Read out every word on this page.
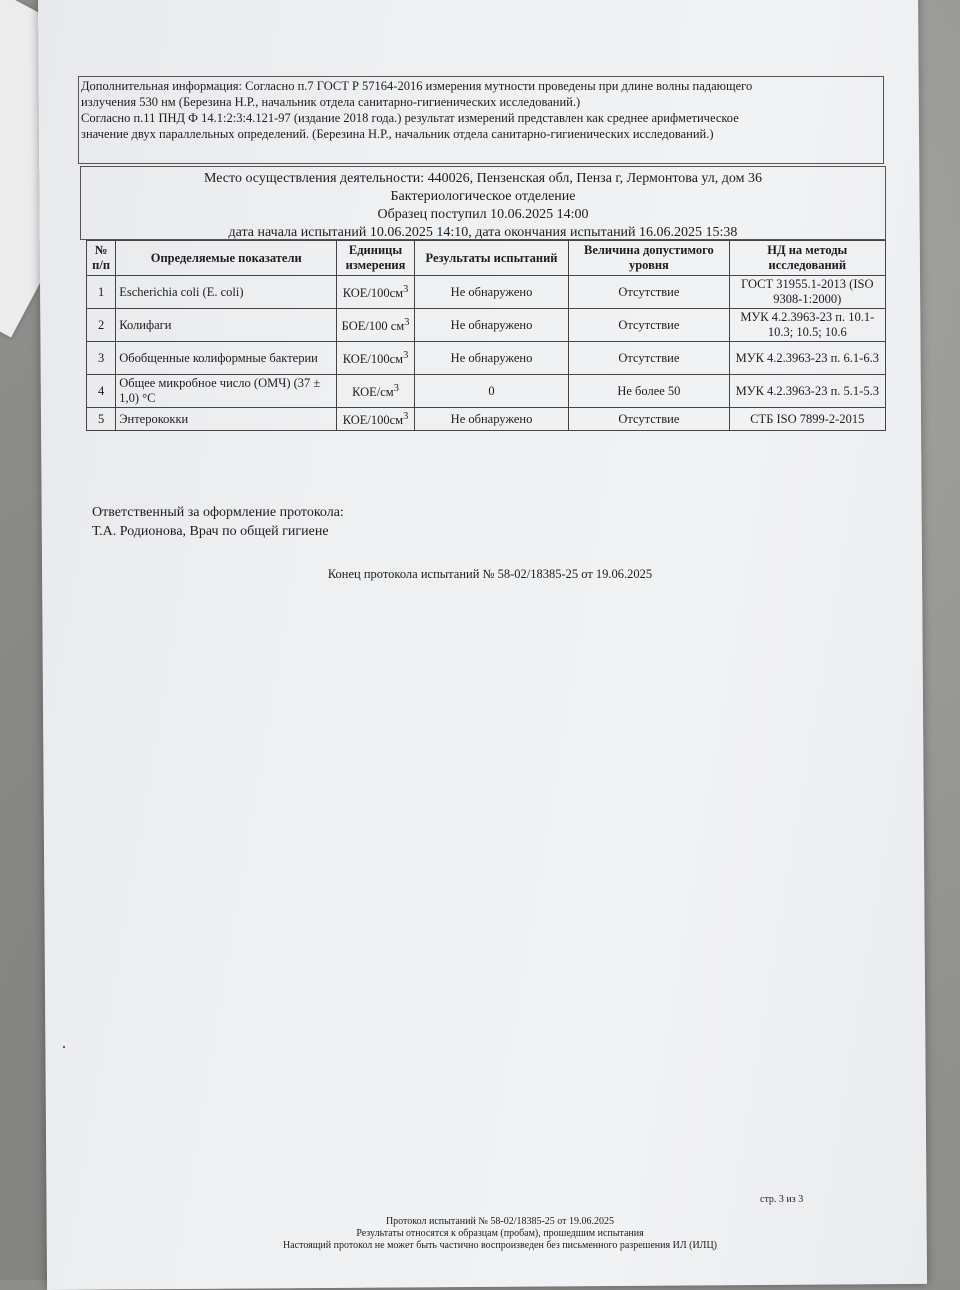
Дополнительная информация: Согласно п.7 ГОСТ Р 57164-2016 измерения мутности проведены при длине волны падающего

излучения 530 нм (Березина Н.Р., начальник отдела санитарно-гигиенических исследований.)

Согласно п.11 ПНД Ф 14.1:2:3:4.121-97 (издание 2018 года.) результат измерений представлен как среднее арифметическое

значение двух параллельных определений. (Березина Н.Р., начальник отдела санитарно-гигиенических исследований.)

Место осуществления деятельности: 440026, Пензенская обл, Пенза г, Лермонтова ул, дом 36
Бактериологическое отделение
Образец поступил 10.06.2025 14:00
дата начала испытаний 10.06.2025 14:10, дата окончания испытаний 16.06.2025 15:38
№ п/п	Определяемые показатели	Единицы измерения	Результаты испытаний	Величина допустимого уровня	НД на методы исследований
1	Escherichia coli (E. coli)	КОЕ/$100см^3$	Не обнаружено	Отсутствие	ГОСТ 31955.1-2013 (ISO 9308-1:2000)
2	Колифаги	БОЕ/100 $см^3$	Не обнаружено	Отсутствие	МУК 4.2.3963-23 п. 10.1-10.3; 10.5; 10.6
3	Обобщенные колиформные бактерии	КОЕ/$100см^3$	Не обнаружено	Отсутствие	МУК 4.2.3963-23 п. 6.1-6.3
4	Общее микробное число (ОМЧ) (37 ± 1,0) °С	КОЕ/$см^3$	0	Не более 50	МУК 4.2.3963-23 п. 5.1-5.3
5	Энтерококки	КОЕ/$100см^3$	Не обнаружено	Отсутствие	СТБ ISO 7899-2-2015
Ответственный за оформление протокола:
Т.А. Родионова, Врач по общей гигиене
Конец протокола испытаний № 58-02/18385-25 от 19.06.2025
стр. 3 из 3
Протокол испытаний № 58-02/18385-25 от 19.06.2025
Результаты относятся к образцам (пробам), прошедшим испытания
Настоящий протокол не может быть частично воспроизведен без письменного разрешения ИЛ (ИЛЦ)
